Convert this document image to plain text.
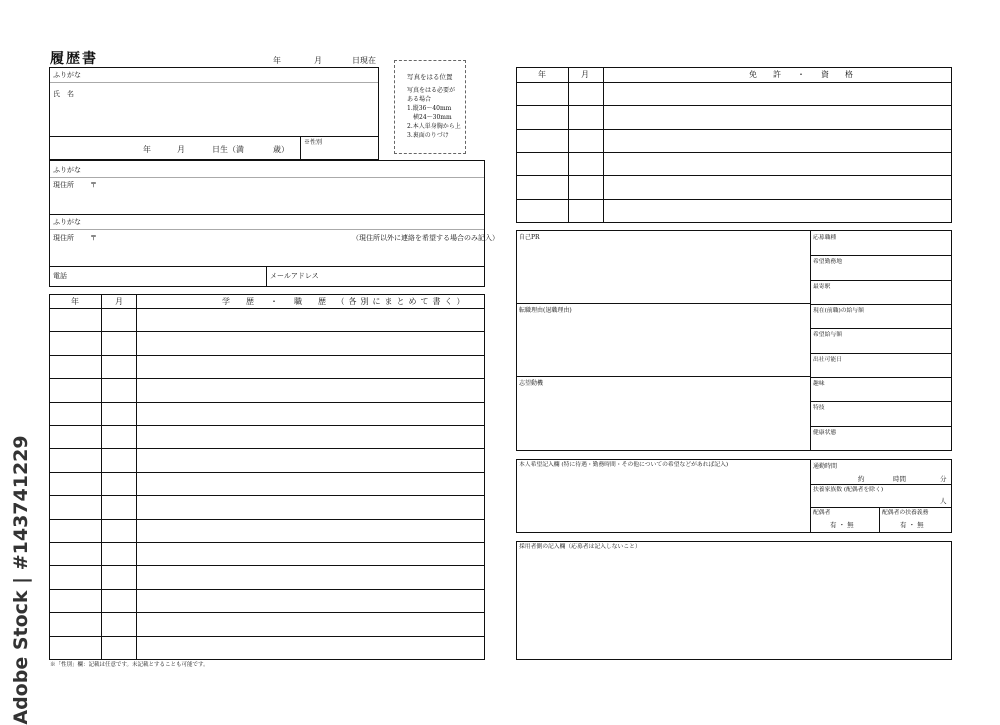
履歴書	年	月	日現在
ふりがな
氏　名
年	月	日生（満	歳）
※性別
写真をはる位置
写真をはる必要が
ある場合
1.縦36～40mm
　横24～30mm
2.本人単身胸から上
3.裏面のりづけ
ふりがな
現住所 〒
ふりがな
現住所 〒	（現住所以外に連絡を希望する場合のみ記入）
電話	メールアドレス
年	月	学　歴　・　職　歴 （各別にまとめて書く）
※「性別」欄：記載は任意です。未記載とすることも可能です。
年	月	免　許　・　資　格
自己PR
転職理由(退職理由)
志望動機
応募職種
希望勤務地
最寄駅
現在(前職)の給与額
希望給与額
出社可能日
趣味
特技
健康状態
本人希望記入欄 (特に待遇・勤務時間・その他についての希望などがあれば記入)	通勤時間
約	時間	分
扶養家族数 (配偶者を除く)
人
配偶者
有 ・ 無
配偶者の扶養義務
有 ・ 無
採用者側の記入欄（応募者は記入しないこと）
Adobe Stock | #143741229
